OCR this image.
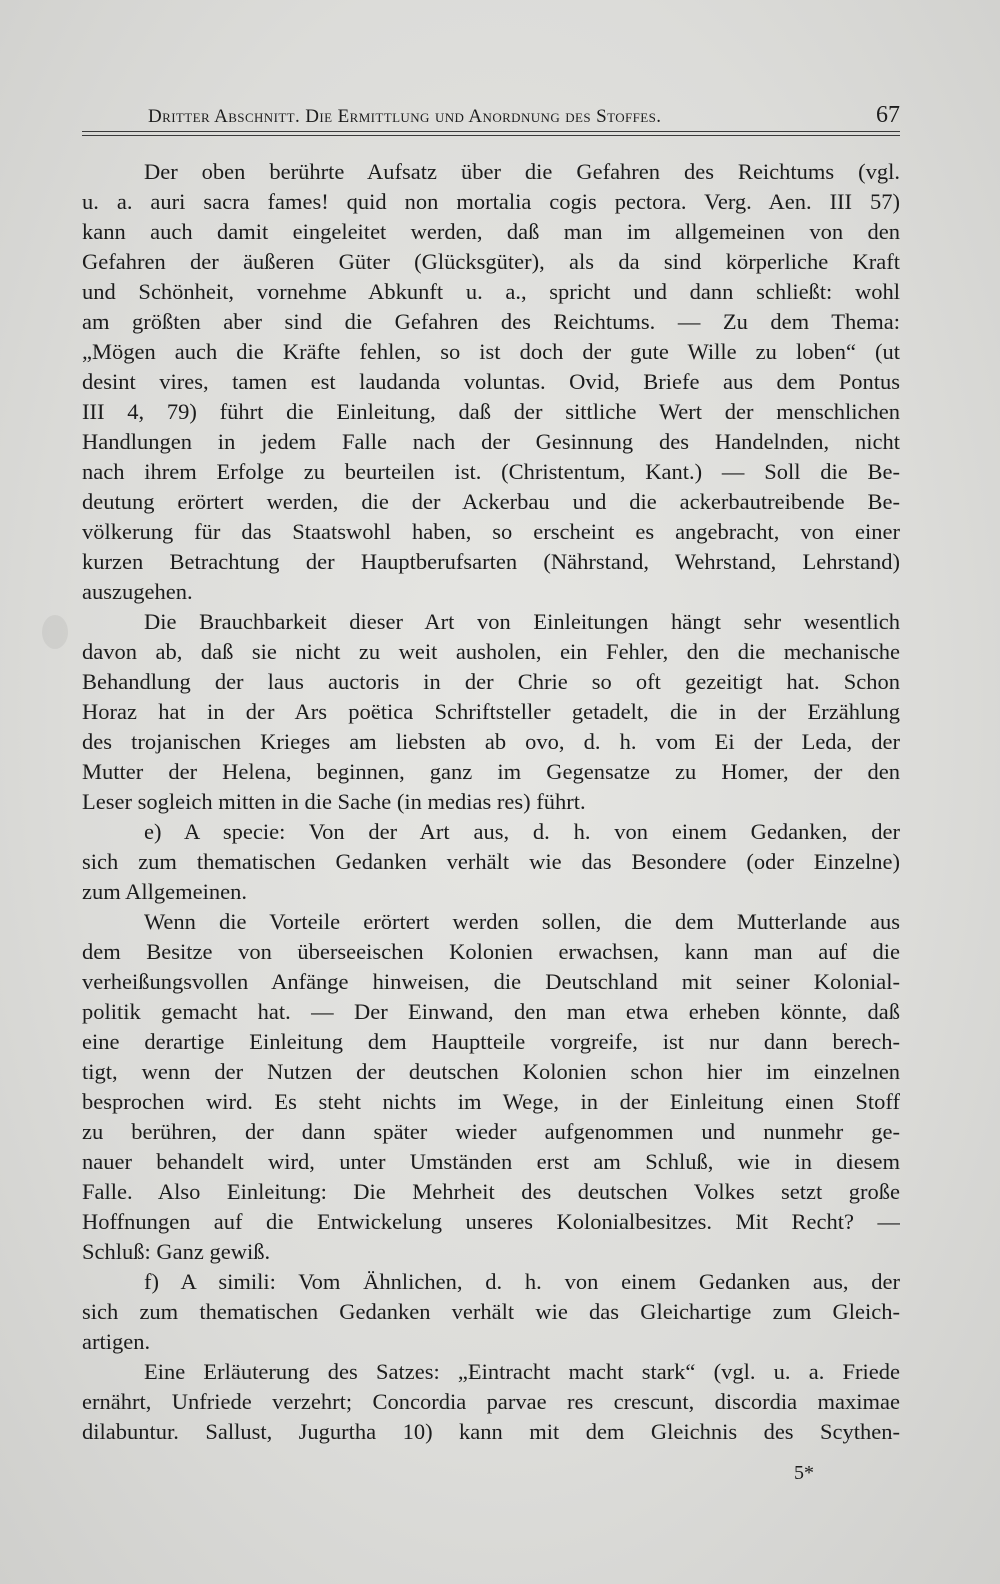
Dritter Abschnitt. Die Ermittlung und Anordnung des Stoffes.	67
Der oben berührte Aufsatz über die Gefahren des Reichtums (vgl.
u. a. auri sacra fames! quid non mortalia cogis pectora. Verg. Aen. III 57)
kann auch damit eingeleitet werden, daß man im allgemeinen von den
Gefahren der äußeren Güter (Glücksgüter), als da sind körperliche Kraft
und Schönheit, vornehme Abkunft u. a., spricht und dann schließt: wohl
am größten aber sind die Gefahren des Reichtums. — Zu dem Thema:
„Mögen auch die Kräfte fehlen, so ist doch der gute Wille zu loben“ (ut
desint vires, tamen est laudanda voluntas. Ovid, Briefe aus dem Pontus
III 4, 79) führt die Einleitung, daß der sittliche Wert der menschlichen
Handlungen in jedem Falle nach der Gesinnung des Handelnden, nicht
nach ihrem Erfolge zu beurteilen ist. (Christentum, Kant.) — Soll die Be-
deutung erörtert werden, die der Ackerbau und die ackerbautreibende Be-
völkerung für das Staatswohl haben, so erscheint es angebracht, von einer
kurzen Betrachtung der Hauptberufsarten (Nährstand, Wehrstand, Lehrstand)
auszugehen.
Die Brauchbarkeit dieser Art von Einleitungen hängt sehr wesentlich
davon ab, daß sie nicht zu weit ausholen, ein Fehler, den die mechanische
Behandlung der laus auctoris in der Chrie so oft gezeitigt hat. Schon
Horaz hat in der Ars poëtica Schriftsteller getadelt, die in der Erzählung
des trojanischen Krieges am liebsten ab ovo, d. h. vom Ei der Leda, der
Mutter der Helena, beginnen, ganz im Gegensatze zu Homer, der den
Leser sogleich mitten in die Sache (in medias res) führt.
e) A specie: Von der Art aus, d. h. von einem Gedanken, der
sich zum thematischen Gedanken verhält wie das Besondere (oder Einzelne)
zum Allgemeinen.
Wenn die Vorteile erörtert werden sollen, die dem Mutterlande aus
dem Besitze von überseeischen Kolonien erwachsen, kann man auf die
verheißungsvollen Anfänge hinweisen, die Deutschland mit seiner Kolonial-
politik gemacht hat. — Der Einwand, den man etwa erheben könnte, daß
eine derartige Einleitung dem Hauptteile vorgreife, ist nur dann berech-
tigt, wenn der Nutzen der deutschen Kolonien schon hier im einzelnen
besprochen wird. Es steht nichts im Wege, in der Einleitung einen Stoff
zu berühren, der dann später wieder aufgenommen und nunmehr ge-
nauer behandelt wird, unter Umständen erst am Schluß, wie in diesem
Falle. Also Einleitung: Die Mehrheit des deutschen Volkes setzt große
Hoffnungen auf die Entwickelung unseres Kolonialbesitzes. Mit Recht? —
Schluß: Ganz gewiß.
f) A simili: Vom Ähnlichen, d. h. von einem Gedanken aus, der
sich zum thematischen Gedanken verhält wie das Gleichartige zum Gleich-
artigen.
Eine Erläuterung des Satzes: „Eintracht macht stark“ (vgl. u. a. Friede
ernährt, Unfriede verzehrt; Concordia parvae res crescunt, discordia maximae
dilabuntur. Sallust, Jugurtha 10) kann mit dem Gleichnis des Scythen-
5*
